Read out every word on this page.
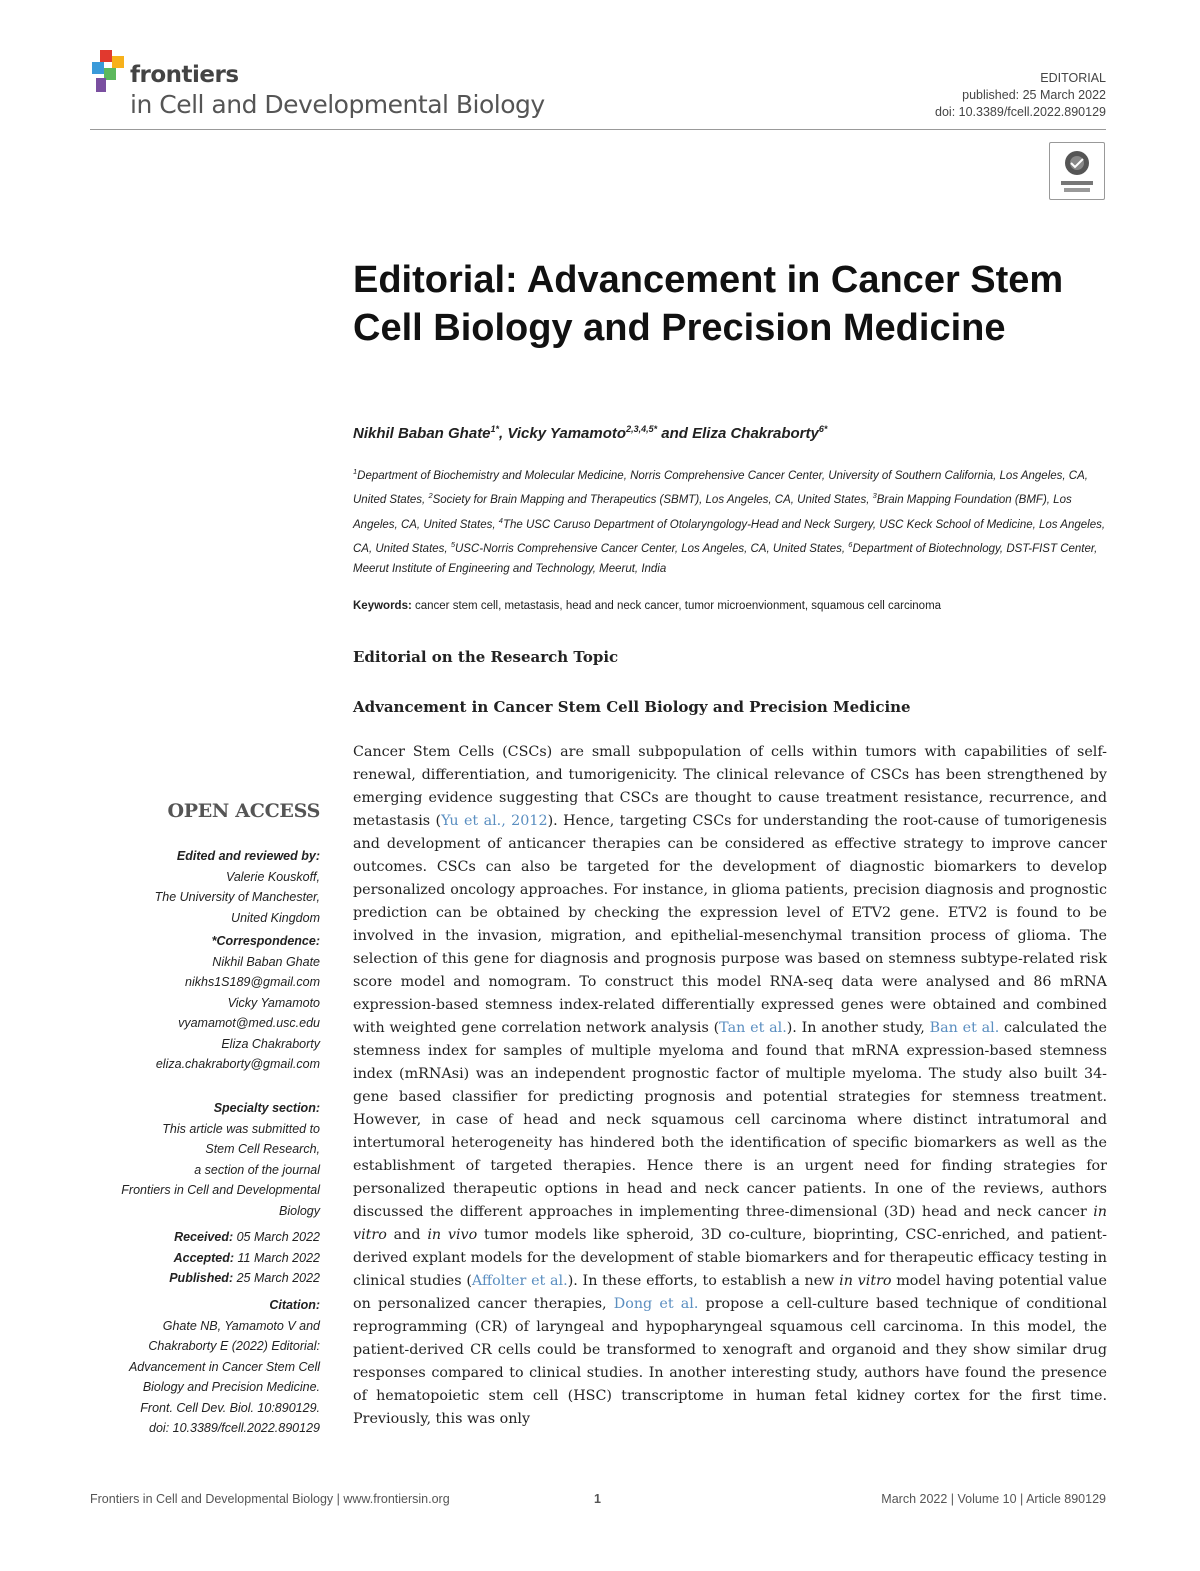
frontiers
in Cell and Developmental Biology
EDITORIAL
published: 25 March 2022
doi: 10.3389/fcell.2022.890129
Editorial: Advancement in Cancer Stem Cell Biology and Precision Medicine
Nikhil Baban Ghate$^{1*}$, Vicky Yamamoto$^{2,3,4,5*}$ and Eliza Chakraborty$^{6*}$
$^1$Department of Biochemistry and Molecular Medicine, Norris Comprehensive Cancer Center, University of Southern California, Los Angeles, CA, United States, $^2$Society for Brain Mapping and Therapeutics (SBMT), Los Angeles, CA, United States, $^3$Brain Mapping Foundation (BMF), Los Angeles, CA, United States, $^4$The USC Caruso Department of Otolaryngology-Head and Neck Surgery, USC Keck School of Medicine, Los Angeles, CA, United States, $^5$USC-Norris Comprehensive Cancer Center, Los Angeles, CA, United States, $^6$Department of Biotechnology, DST-FIST Center, Meerut Institute of Engineering and Technology, Meerut, India
Keywords: cancer stem cell, metastasis, head and neck cancer, tumor microenvionment, squamous cell carcinoma
Editorial on the Research Topic
Advancement in Cancer Stem Cell Biology and Precision Medicine
OPEN ACCESS
Edited and reviewed by:
Valerie Kouskoff,
The University of Manchester,
United Kingdom
*Correspondence:
Nikhil Baban Ghate
nikhs1S189@gmail.com
Vicky Yamamoto
vyamamot@med.usc.edu
Eliza Chakraborty
eliza.chakraborty@gmail.com
Specialty section:
This article was submitted to
Stem Cell Research,
a section of the journal
Frontiers in Cell and Developmental
Biology
Received: 05 March 2022
Accepted: 11 March 2022
Published: 25 March 2022
Citation:
Ghate NB, Yamamoto V and
Chakraborty E (2022) Editorial:
Advancement in Cancer Stem Cell
Biology and Precision Medicine.
Front. Cell Dev. Biol. 10:890129.
doi: 10.3389/fcell.2022.890129
Cancer Stem Cells (CSCs) are small subpopulation of cells within tumors with capabilities of self-renewal, differentiation, and tumorigenicity. The clinical relevance of CSCs has been strengthened by emerging evidence suggesting that CSCs are thought to cause treatment resistance, recurrence, and metastasis (Yu et al., 2012). Hence, targeting CSCs for understanding the root-cause of tumorigenesis and development of anticancer therapies can be considered as effective strategy to improve cancer outcomes. CSCs can also be targeted for the development of diagnostic biomarkers to develop personalized oncology approaches. For instance, in glioma patients, precision diagnosis and prognostic prediction can be obtained by checking the expression level of ETV2 gene. ETV2 is found to be involved in the invasion, migration, and epithelial-mesenchymal transition process of glioma. The selection of this gene for diagnosis and prognosis purpose was based on stemness subtype-related risk score model and nomogram. To construct this model RNA-seq data were analysed and 86 mRNA expression-based stemness index-related differentially expressed genes were obtained and combined with weighted gene correlation network analysis (Tan et al.). In another study, Ban et al. calculated the stemness index for samples of multiple myeloma and found that mRNA expression-based stemness index (mRNAsi) was an independent prognostic factor of multiple myeloma. The study also built 34-gene based classifier for predicting prognosis and potential strategies for stemness treatment. However, in case of head and neck squamous cell carcinoma where distinct intratumoral and intertumoral heterogeneity has hindered both the identification of specific biomarkers as well as the establishment of targeted therapies. Hence there is an urgent need for finding strategies for personalized therapeutic options in head and neck cancer patients. In one of the reviews, authors discussed the different approaches in implementing three-dimensional (3D) head and neck cancer in vitro and in vivo tumor models like spheroid, 3D co-culture, bioprinting, CSC-enriched, and patient-derived explant models for the development of stable biomarkers and for therapeutic efficacy testing in clinical studies (Affolter et al.). In these efforts, to establish a new in vitro model having potential value on personalized cancer therapies, Dong et al. propose a cell-culture based technique of conditional reprogramming (CR) of laryngeal and hypopharyngeal squamous cell carcinoma. In this model, the patient-derived CR cells could be transformed to xenograft and organoid and they show similar drug responses compared to clinical studies. In another interesting study, authors have found the presence of hematopoietic stem cell (HSC) transcriptome in human fetal kidney cortex for the first time. Previously, this was only
Frontiers in Cell and Developmental Biology | www.frontiersin.org	1	March 2022 | Volume 10 | Article 890129
